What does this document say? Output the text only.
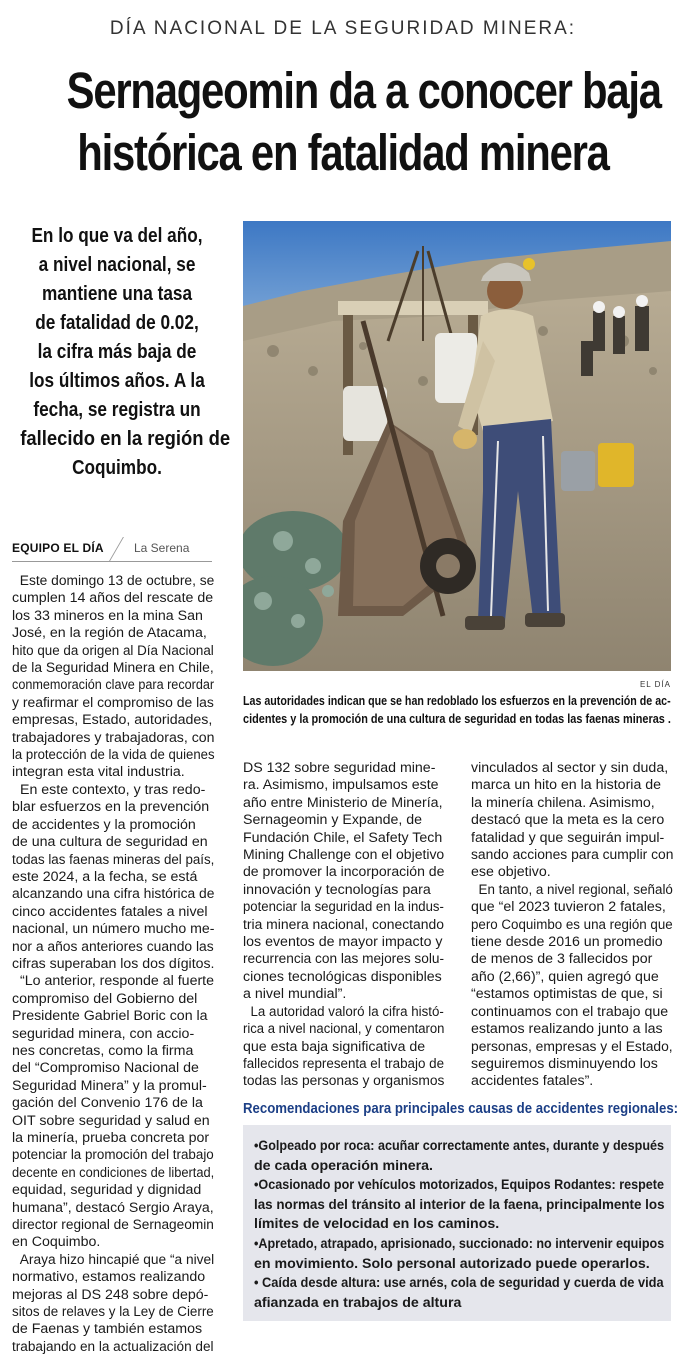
DÍA NACIONAL DE LA SEGURIDAD MINERA:
Sernageomin da a conocer baja
histórica en fatalidad minera
En lo que va del año,
a nivel nacional, se
mantiene una tasa
de fatalidad de 0.02,
la cifra más baja de
los últimos años. A la
fecha, se registra un
fallecido en la región de
Coquimbo.
EQUIPO EL DÍA	La Serena
EL DÍA
Las autoridades indican que se han redoblado los esfuerzos en la prevención de ac-
cidentes y la promoción de una cultura de seguridad en todas las faenas mineras .
Este domingo 13 de octubre, se
cumplen 14 años del rescate de
los 33 mineros en la mina San
José, en la región de Atacama,
hito que da origen al Día Nacional
de la Seguridad Minera en Chile,
conmemoración clave para recordar
y reafirmar el compromiso de las
empresas, Estado, autoridades,
trabajadores y trabajadoras, con
la protección de la vida de quienes
integran esta vital industria.
En este contexto, y tras redo-
blar esfuerzos en la prevención
de accidentes y la promoción
de una cultura de seguridad en
todas las faenas mineras del país,
este 2024, a la fecha, se está
alcanzando una cifra histórica de
cinco accidentes fatales a nivel
nacional, un número mucho me-
nor a años anteriores cuando las
cifras superaban los dos dígitos.
“Lo anterior, responde al fuerte
compromiso del Gobierno del
Presidente Gabriel Boric con la
seguridad minera, con accio-
nes concretas, como la firma
del “Compromiso Nacional de
Seguridad Minera” y la promul-
gación del Convenio 176 de la
OIT sobre seguridad y salud en
la minería, prueba concreta por
potenciar la promoción del trabajo
decente en condiciones de libertad,
equidad, seguridad y dignidad
humana”, destacó Sergio Araya,
director regional de Sernageomin
en Coquimbo.
Araya hizo hincapié que “a nivel
normativo, estamos realizando
mejoras al DS 248 sobre depó-
sitos de relaves y la Ley de Cierre
de Faenas y también estamos
trabajando en la actualización del
DS 132 sobre seguridad mine-
ra. Asimismo, impulsamos este
año entre Ministerio de Minería,
Sernageomin y Expande, de
Fundación Chile, el Safety Tech
Mining Challenge con el objetivo
de promover la incorporación de
innovación y tecnologías para
potenciar la seguridad en la indus-
tria minera nacional, conectando
los eventos de mayor impacto y
recurrencia con las mejores solu-
ciones tecnológicas disponibles
a nivel mundial”.
La autoridad valoró la cifra histó-
rica a nivel nacional, y comentaron
que esta baja significativa de
fallecidos representa el trabajo de
todas las personas y organismos
vinculados al sector y sin duda,
marca un hito en la historia de
la minería chilena. Asimismo,
destacó que la meta es la cero
fatalidad y que seguirán impul-
sando acciones para cumplir con
ese objetivo.
En tanto, a nivel regional, señaló
que “el 2023 tuvieron 2 fatales,
pero Coquimbo es una región que
tiene desde 2016 un promedio
de menos de 3 fallecidos por
año (2,66)”, quien agregó que
“estamos optimistas de que, si
continuamos con el trabajo que
estamos realizando junto a las
personas, empresas y el Estado,
seguiremos disminuyendo los
accidentes fatales”.
Recomendaciones para principales causas de accidentes regionales:
•Golpeado por roca: acuñar correctamente antes, durante y después
de cada operación minera.
•Ocasionado por vehículos motorizados, Equipos Rodantes: respete
las normas del tránsito al interior de la faena, principalmente los
límites de velocidad en los caminos.
•Apretado, atrapado, aprisionado, succionado: no intervenir equipos
en movimiento. Solo personal autorizado puede operarlos.
• Caída desde altura: use arnés, cola de seguridad y cuerda de vida
afianzada en trabajos de altura
